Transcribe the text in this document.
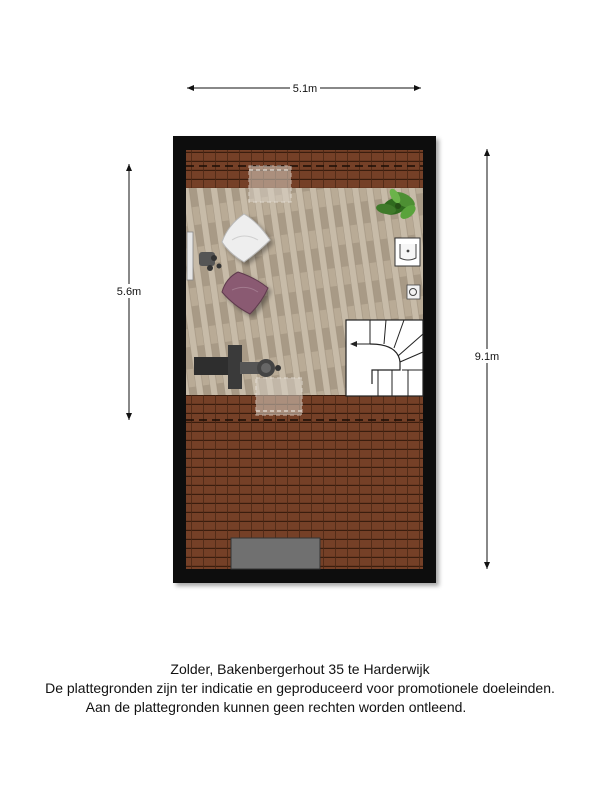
5.1m
5.6m
9.1m
Zolder, Bakenbergerhout 35 te Harderwijk
De plattegronden zijn ter indicatie en geproduceerd voor promotionele doeleinden.
Aan de plattegronden kunnen geen rechten worden ontleend.
